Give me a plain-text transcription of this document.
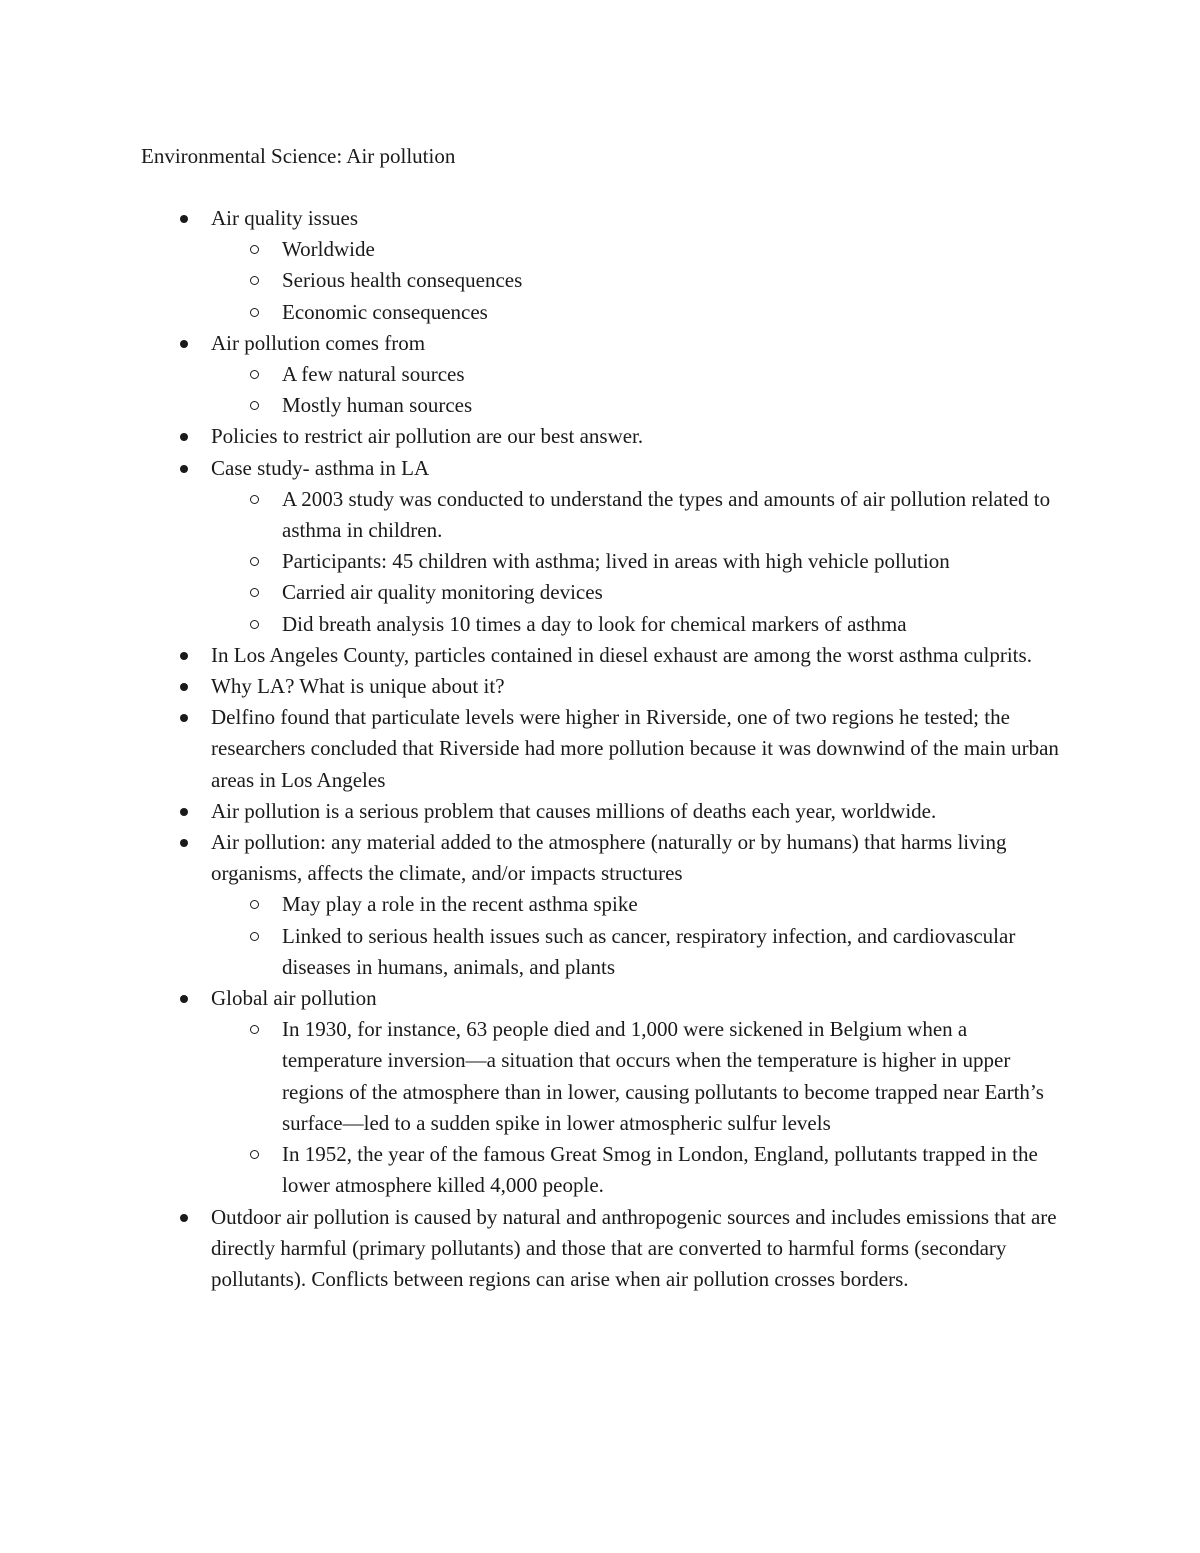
Environmental Science: Air pollution
Air quality issues
Worldwide
Serious health consequences
Economic consequences
Air pollution comes from
A few natural sources
Mostly human sources
Policies to restrict air pollution are our best answer.
Case study- asthma in LA
A 2003 study was conducted to understand the types and amounts of air pollution related to asthma in children.
Participants: 45 children with asthma; lived in areas with high vehicle pollution
Carried air quality monitoring devices
Did breath analysis 10 times a day to look for chemical markers of asthma
In Los Angeles County, particles contained in diesel exhaust are among the worst asthma culprits.
Why LA? What is unique about it?
Delfino found that particulate levels were higher in Riverside, one of two regions he tested; the researchers concluded that Riverside had more pollution because it was downwind of the main urban areas in Los Angeles
Air pollution is a serious problem that causes millions of deaths each year, worldwide.
Air pollution: any material added to the atmosphere (naturally or by humans) that harms living organisms, affects the climate, and/or impacts structures
May play a role in the recent asthma spike
Linked to serious health issues such as cancer, respiratory infection, and cardiovascular diseases in humans, animals, and plants
Global air pollution
In 1930, for instance, 63 people died and 1,000 were sickened in Belgium when a temperature inversion—a situation that occurs when the temperature is higher in upper regions of the atmosphere than in lower, causing pollutants to become trapped near Earth’s surface—led to a sudden spike in lower atmospheric sulfur levels
In 1952, the year of the famous Great Smog in London, England, pollutants trapped in the lower atmosphere killed 4,000 people.
Outdoor air pollution is caused by natural and anthropogenic sources and includes emissions that are directly harmful (primary pollutants) and those that are converted to harmful forms (secondary pollutants). Conflicts between regions can arise when air pollution crosses borders.
